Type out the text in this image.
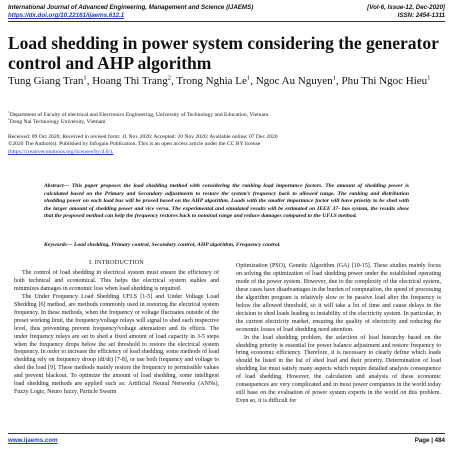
International Journal of Advanced Engineering, Management and Science (IJAEMS)	[Vol-6, Issue-12, Dec-2020]
https://dx.doi.org/10.22161/ijaems.612.1	ISSN: 2454-1311
Load shedding in power system considering the generator control and AHP algorithm
Tung Giang Tran$^1$, Hoang Thi Trang$^2$, Trong Nghia Le$^1$, Ngoc Au Nguyen$^1$, Phu Thi Ngoc Hieu$^1$
$^1$Department of Faculty of electrical and Electronics Engineering, University of Technology and Education, Vietnam
$^2$Dong Nai Technology University, Vietnam
Received: 09 Oct 2020; Received in revised form: 11 Nov 2020; Accepted: 20 Nov 2020; Available online: 07 Dec 2020
©2020 The Author(s). Published by Infogain Publication. This is an open access article under the CC BY license
(https://creativecommons.org/licenses/by/4.0/).

Abstract— This paper proposes the load shedding method with considering the ranking load importance factors. The amount of shedding power is calculated based on the Primary and Secondary adjustments to restore the system’s frequency back to allowed range. The ranking and distribution shedding power on each load bus will be prosed based on the AHP algorithm. Loads with the smaller importance factor will have priority to be shed with the larger amount of shedding power and vice versa. The experimental and simulated results will be estimated on IEEE 37- bus system, the results show that the proposed method can help the frequency restores back to nominal range and reduce damages compared to the UFLS method.

Keywords— Load shedding, Primary control, Secondary control, AHP algorithm, Frequency control.

I. INTRODUCTION

The control of load shedding in electrical system must ensure the efficiency of both technical and economical. This helps the electrical system stables and minimizes damages in economic loss when load shedding is required.

The Under Frequency Load Shedding UFLS [1-5] and Under Voltage Load Shedding [6] method, are methods commonly used in restoring the electrical system frequency. In these methods, when the frequency or voltage fluctuates outside of the preset working limit, the frequency/voltage relays will signal to shed each respective level, thus preventing prevent frequency/voltage attenuation and its effects. The under frequency relays are set to shed a fixed amount of load capacity in 3-5 steps when the frequency drops below the set threshold to restore the electrical system frequency. In order to increase the efficiency of load shedding, some methods of load shedding rely on frequency droop (df/dt) [7-8], or use both frequency and voltage to shed the load [9]. These methods mainly restore the frequency to permissible values and prevent blackout. To optimize the amount of load shedding, some intelligent load shedding methods are applied such as: Artificial Neural Networks (ANNs), Fuzzy Logic, Neuro fuzzy, Particle Swarm

Optimization (PSO), Genetic Algorithm (GA) [10-15]. These studies mainly focus on solving the optimization of load shedding power under the established operating mode of the power system. However, due to the complexity of the electrical system, these cases have disadvantages in the burden of computation, the speed of processing the algorithm program is relatively slow or be passive load after the frequency is below the allowed threshold, so it will take a lot of time and cause delays in the decision to shed loads leading to instability of the electricity system. In particular, in the current electricity market, ensuring the quality of electricity and reducing the economic losses of load shedding need attention.

In the load shedding problem, the selection of load hierarchy based on the shedding priority is essential for power balance adjustment and restore frequency to bring economic efficiency. Therefore, it is necessary to clearly define which loads should be listed in the list of shed load and their priority. Determination of load shedding list must satisfy many aspects which require detailed analysis consequence of load shedding. However, the calculation and analysis of these economic consequences are very complicated and in most power companies in the world today still base on the evaluation of power system experts in the world on this problem. Even so, it is difficult for

www.ijaems.com	Page | 484
